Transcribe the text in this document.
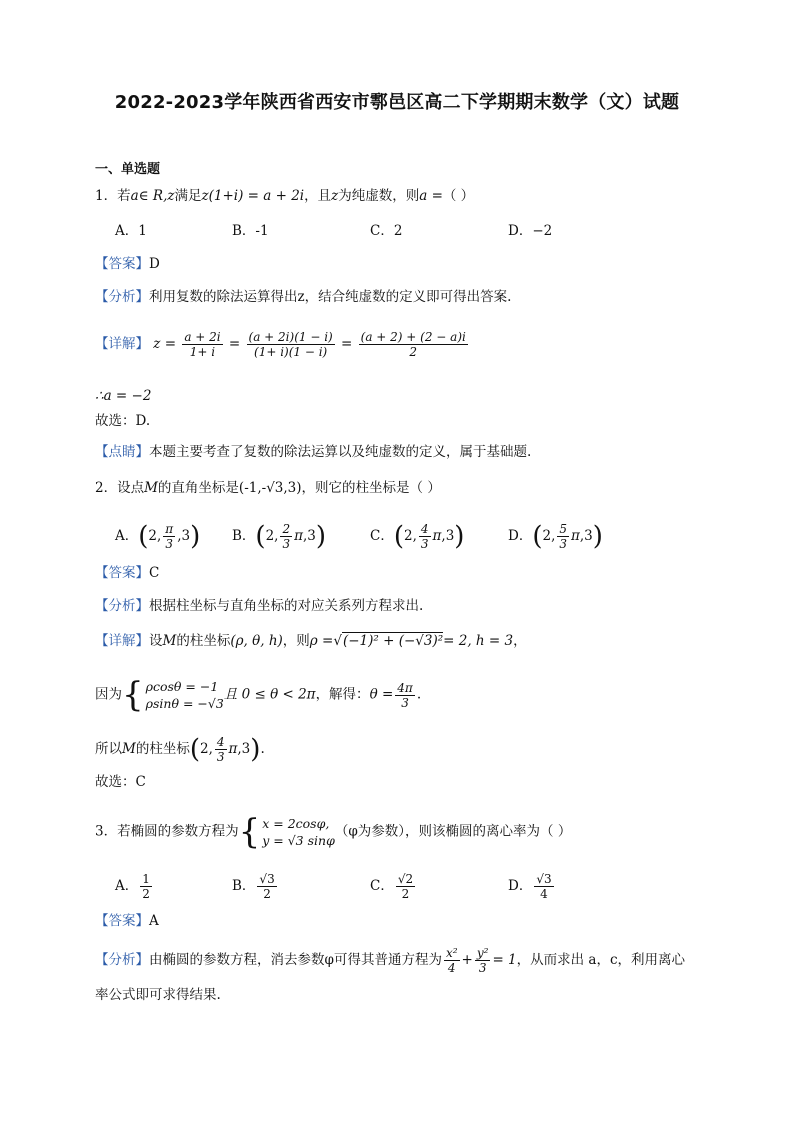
2022-2023学年陕西省西安市鄠邑区高二下学期期末数学（文）试题
一、单选题
1．若a∈ R,z满足z(1+i) = a + 2i，且z为纯虚数，则a =（ ）
A．1	B．-1	C．2	D．−2
【答案】D
【分析】利用复数的除法运算得出z，结合纯虚数的定义即可得出答案.
【详解】 $z = \frac{a + 2i}{1+ i} = \frac{(a + 2i)(1 - i)}{(1+ i)(1 - i)} = \frac{(a + 2) + (2 - a)i}{2}$
∴a = −2
故选：D.
【点睛】本题主要考查了复数的除法运算以及纯虚数的定义，属于基础题.
2．设点M的直角坐标是(-1,-√3,3)，则它的柱坐标是（ ）
A．(2, $\frac{\pi}{3} ,3$) B．(2, $\frac{2}{3} \pi,3$)	C．(2, $\frac{4}{3} \pi,3$)	D．(2, $\frac{5}{3} \pi,3$)
【答案】C
【分析】根据柱坐标与直角坐标的对应关系列方程求出.
【详解】设M的柱坐标(ρ, θ, h)，则ρ =√(−1)² + (−√3)²= 2, h = 3，
因为 { ρcosθ = −1
ρsinθ = −√3
且 0 ≤ θ < 2π，解得：$\theta = \frac{4\pi}{3}$ .
所以M的柱坐标(2, $\frac{4}{3} \pi,3$).
故选：C
3．若椭圆的参数方程为 { x = 2cosφ,
y = √3 sinφ
（φ为参数），则该椭圆的离心率为（ ）
A． $\frac{1}{2}$	B． $\frac{√3}{2}$	C． $\frac{√2}{2}$	D． $\frac{√3}{4}$
【答案】A
【分析】由椭圆的参数方程，消去参数φ可得其普通方程为 $\frac{\text{x²}}{4} + \frac{\text{y²}}{3} = 1$，从而求出 a，c，利用离心
率公式即可求得结果.
